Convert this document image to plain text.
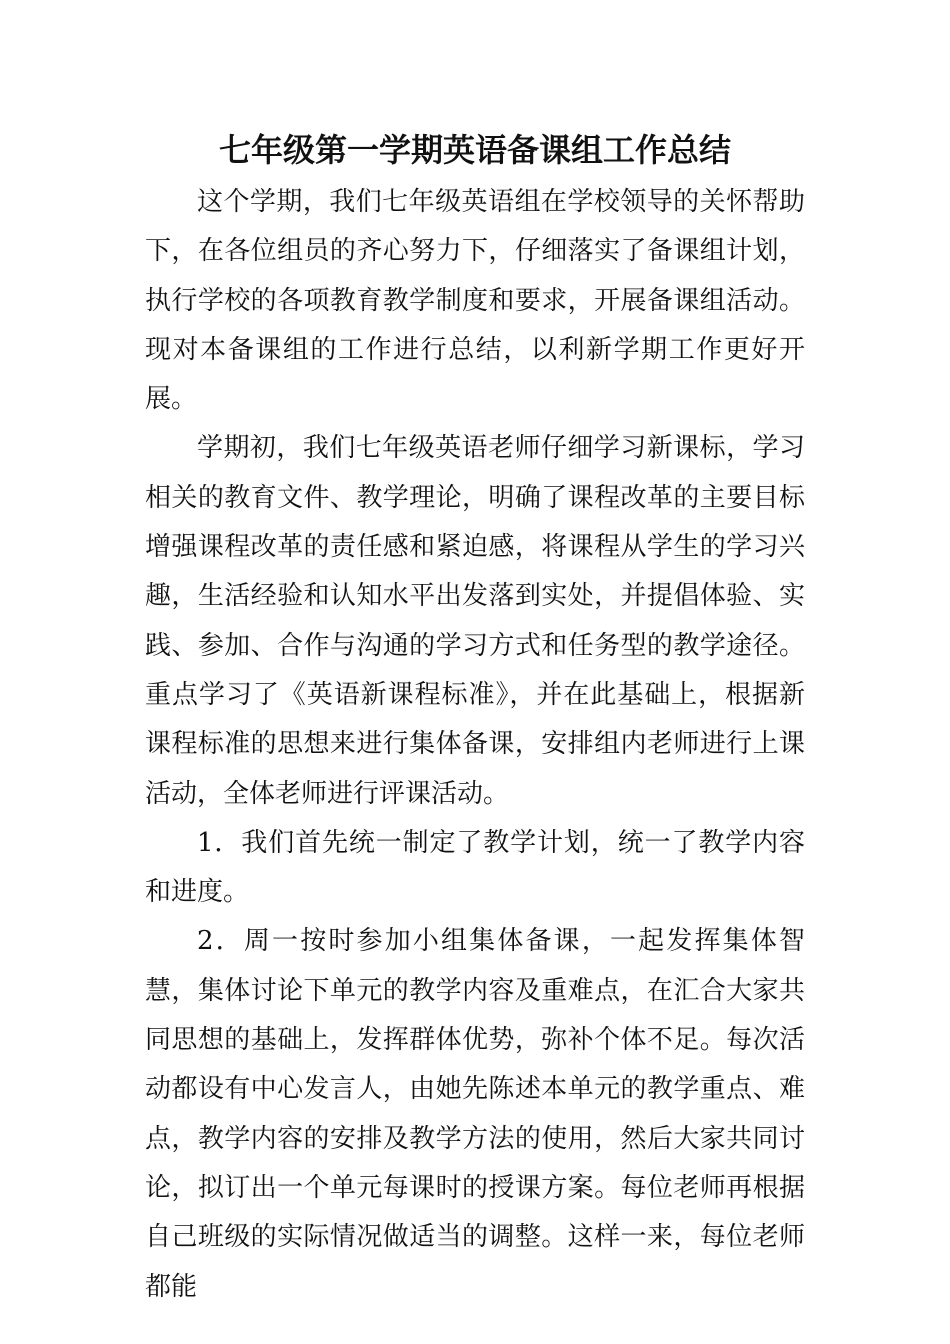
七年级第一学期英语备课组工作总结

这个学期，我们七年级英语组在学校领导的关怀帮助下，在各位组员的齐心努力下，仔细落实了备课组计划，执行学校的各项教育教学制度和要求，开展备课组活动。现对本备课组的工作进行总结，以利新学期工作更好开展。

学期初，我们七年级英语老师仔细学习新课标，学习相关的教育文件、教学理论，明确了课程改革的主要目标增强课程改革的责任感和紧迫感，将课程从学生的学习兴趣，生活经验和认知水平出发落到实处，并提倡体验、实践、参加、合作与沟通的学习方式和任务型的教学途径。重点学习了《英语新课程标准》，并在此基础上，根据新课程标准的思想来进行集体备课，安排组内老师进行上课活动，全体老师进行评课活动。

1．我们首先统一制定了教学计划，统一了教学内容和进度。

2．周一按时参加小组集体备课，一起发挥集体智慧，集体讨论下单元的教学内容及重难点，在汇合大家共同思想的基础上，发挥群体优势，弥补个体不足。每次活动都设有中心发言人，由她先陈述本单元的教学重点、难点，教学内容的安排及教学方法的使用，然后大家共同讨论，拟订出一个单元每课时的授课方案。每位老师再根据自己班级的实际情况做适当的调整。这样一来，每位老师都能
